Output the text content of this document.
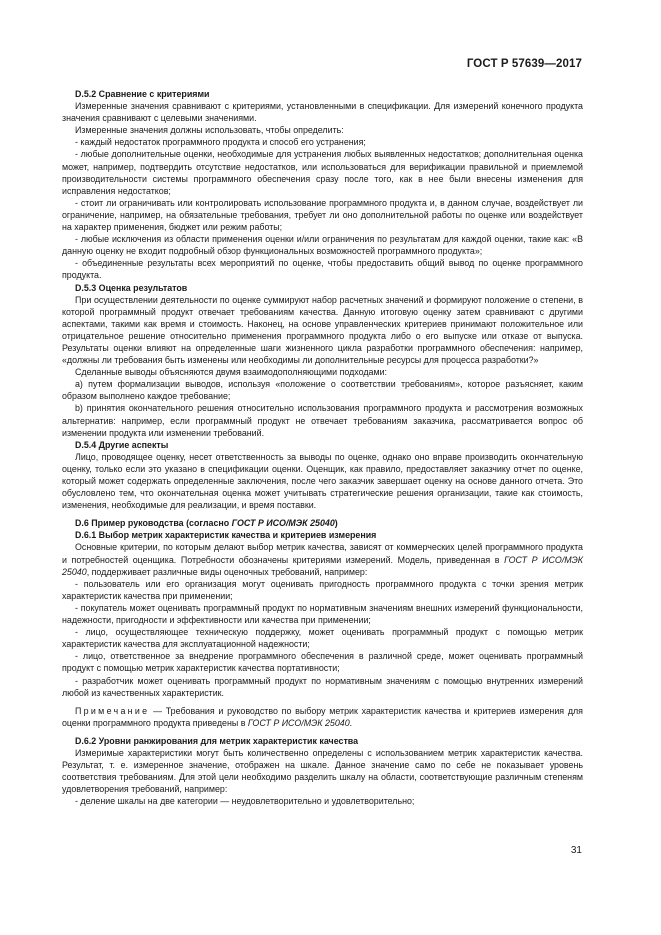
ГОСТ Р 57639—2017

D.5.2 Сравнение с критериями

Измеренные значения сравнивают с критериями, установленными в спецификации. Для измерений конечного продукта значения сравнивают с целевыми значениями.

Измеренные значения должны использовать, чтобы определить:

- каждый недостаток программного продукта и способ его устранения;

- любые дополнительные оценки, необходимые для устранения любых выявленных недостатков; дополнительная оценка может, например, подтвердить отсутствие недостатков, или использоваться для верификации правильной и приемлемой производительности системы программного обеспечения сразу после того, как в нее были внесены изменения для исправления недостатков;

- стоит ли ограничивать или контролировать использование программного продукта и, в данном случае, воздействует ли ограничение, например, на обязательные требования, требует ли оно дополнительной работы по оценке или воздействует на характер применения, бюджет или режим работы;

- любые исключения из области применения оценки и/или ограничения по результатам для каждой оценки, такие как: «В данную оценку не входит подробный обзор функциональных возможностей программного продукта»;

- объединенные результаты всех мероприятий по оценке, чтобы предоставить общий вывод по оценке программного продукта.

D.5.3 Оценка результатов

При осуществлении деятельности по оценке суммируют набор расчетных значений и формируют положение о степени, в которой программный продукт отвечает требованиям качества. Данную итоговую оценку затем сравнивают с другими аспектами, такими как время и стоимость. Наконец, на основе управленческих критериев принимают положительное или отрицательное решение относительно применения программного продукта либо о его выпуске или отказе от выпуска. Результаты оценки влияют на определенные шаги жизненного цикла разработки программного обеспечения: например, «должны ли требования быть изменены или необходимы ли дополнительные ресурсы для процесса разработки?»

Сделанные выводы объясняются двумя взаимодополняющими подходами:

а) путем формализации выводов, используя «положение о соответствии требованиям», которое разъясняет, каким образом выполнено каждое требование;

b) принятия окончательного решения относительно использования программного продукта и рассмотрения возможных альтернатив: например, если программный продукт не отвечает требованиям заказчика, рассматривается вопрос об изменении продукта или изменении требований.

D.5.4 Другие аспекты

Лицо, проводящее оценку, несет ответственность за выводы по оценке, однако оно вправе производить окончательную оценку, только если это указано в спецификации оценки. Оценщик, как правило, предоставляет заказчику отчет по оценке, который может содержать определенные заключения, после чего заказчик завершает оценку на основе данного отчета. Это обусловлено тем, что окончательная оценка может учитывать стратегические решения организации, такие как стоимость, изменения, необходимые для реализации, и время поставки.

D.6 Пример руководства (согласно ГОСТ Р ИСО/МЭК 25040)

D.6.1 Выбор метрик характеристик качества и критериев измерения

Основные критерии, по которым делают выбор метрик качества, зависят от коммерческих целей программного продукта и потребностей оценщика. Потребности обозначены критериями измерений. Модель, приведенная в ГОСТ Р ИСО/МЭК 25040, поддерживает различные виды оценочных требований, например:

- пользователь или его организация могут оценивать пригодность программного продукта с точки зрения метрик характеристик качества при применении;

- покупатель может оценивать программный продукт по нормативным значениям внешних измерений функциональности, надежности, пригодности и эффективности или качества при применении;

- лицо, осуществляющее техническую поддержку, может оценивать программный продукт с помощью метрик характеристик качества для эксплуатационной надежности;

- лицо, ответственное за внедрение программного обеспечения в различной среде, может оценивать программный продукт с помощью метрик характеристик качества портативности;

- разработчик может оценивать программный продукт по нормативным значениям с помощью внутренних измерений любой из качественных характеристик.

Примечание — Требования и руководство по выбору метрик характеристик качества и критериев измерения для оценки программного продукта приведены в ГОСТ Р ИСО/МЭК 25040.

D.6.2 Уровни ранжирования для метрик характеристик качества

Измеримые характеристики могут быть количественно определены с использованием метрик характеристик качества. Результат, т. е. измеренное значение, отображен на шкале. Данное значение само по себе не показывает уровень соответствия требованиям. Для этой цели необходимо разделить шкалу на области, соответствующие различным степеням удовлетворения требований, например:

- деление шкалы на две категории — неудовлетворительно и удовлетворительно;

31
